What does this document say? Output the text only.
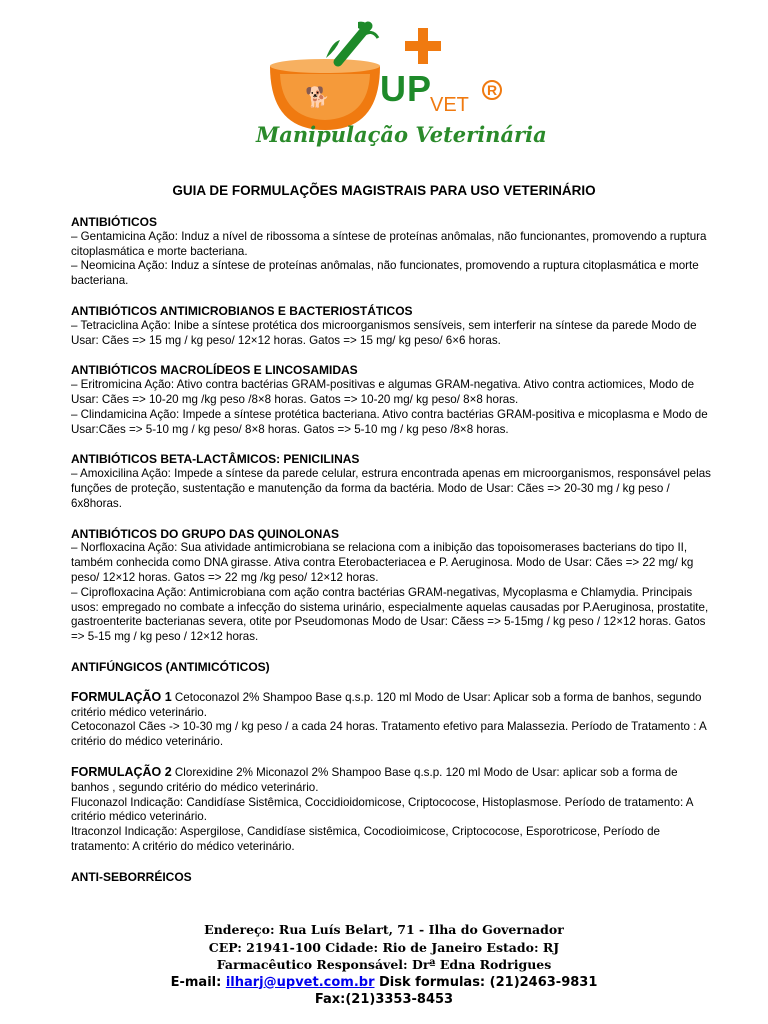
🐕 UP
VET
R
Manipulação Veterinária
GUIA DE FORMULAÇÕES MAGISTRAIS PARA USO VETERINÁRIO
ANTIBIÓTICOS
– Gentamicina Ação: Induz a nível de ribossoma a síntese de proteínas anômalas, não funcionantes, promovendo a ruptura citoplasmática e morte bacteriana.
– Neomicina Ação: Induz a síntese de proteínas anômalas, não funcionates, promovendo a ruptura citoplasmática e morte bacteriana.
ANTIBIÓTICOS ANTIMICROBIANOS E BACTERIOSTÁTICOS
– Tetraciclina Ação: Inibe a síntese protética dos microorganismos sensíveis, sem interferir na síntese da parede Modo de Usar: Cães => 15 mg / kg peso/ 12×12 horas. Gatos => 15 mg/ kg peso/ 6×6 horas.
ANTIBIÓTICOS MACROLÍDEOS E LINCOSAMIDAS
– Eritromicina Ação: Ativo contra bactérias GRAM-positivas e algumas GRAM-negativa. Ativo contra actiomices, Modo de Usar: Cães => 10-20 mg /kg peso /8×8 horas. Gatos => 10-20 mg/ kg peso/ 8×8 horas.
– Clindamicina Ação: Impede a síntese protética bacteriana. Ativo contra bactérias GRAM-positiva e micoplasma e Modo de Usar:Cães => 5-10 mg / kg peso/ 8×8 horas. Gatos => 5-10 mg / kg peso /8×8 horas.
ANTIBIÓTICOS BETA-LACTÂMICOS: PENICILINAS
– Amoxicilina Ação: Impede a síntese da parede celular, estrura encontrada apenas em microorganismos, responsável pelas funções de proteção, sustentação e manutenção da forma da bactéria. Modo de Usar: Cães => 20-30 mg / kg peso / 6x8horas.
ANTIBIÓTICOS DO GRUPO DAS QUINOLONAS
– Norfloxacina Ação: Sua atividade antimicrobiana se relaciona com a inibição das topoisomerases bacterians do tipo II, também conhecida como DNA girasse. Ativa contra Eterobacteriacea e P. Aeruginosa. Modo de Usar: Cães => 22 mg/ kg peso/ 12×12 horas. Gatos => 22 mg /kg peso/ 12×12 horas.
– Ciprofloxacina Ação: Antimicrobiana com ação contra bactérias GRAM-negativas, Mycoplasma e Chlamydia. Principais usos: empregado no combate a infecção do sistema urinário, especialmente aquelas causadas por P.Aeruginosa, prostatite, gastroenterite bacterianas severa, otite por Pseudomonas Modo de Usar: Cãess => 5-15mg / kg peso / 12×12 horas. Gatos => 5-15 mg / kg peso / 12×12 horas.
ANTIFÚNGICOS (ANTIMICÓTICOS)
FORMULAÇÃO 1 Cetoconazol 2% Shampoo Base q.s.p. 120 ml Modo de Usar: Aplicar sob a forma de banhos, segundo critério médico veterinário.
Cetoconazol Cães -> 10-30 mg / kg peso / a cada 24 horas. Tratamento efetivo para Malassezia. Período de Tratamento : A critério do médico veterinário.
FORMULAÇÃO 2 Clorexidine 2% Miconazol 2% Shampoo Base q.s.p. 120 ml Modo de Usar: aplicar sob a forma de banhos , segundo critério do médico veterinário.
Fluconazol Indicação: Candidíase Sistêmica, Coccidioidomicose, Criptococose, Histoplasmose. Período de tratamento: A critério médico veterinário.
Itraconzol Indicação: Aspergilose, Candidíase sistêmica, Cocodioimicose, Criptococose, Esporotricose, Período de tratamento: A critério do médico veterinário.
ANTI-SEBORRÉICOS
Endereço: Rua Luís Belart, 71 - Ilha do Governador
CEP: 21941-100 Cidade: Rio de Janeiro Estado: RJ
Farmacêutico Responsável: Drª Edna Rodrigues
E-mail: ilharj@upvet.com.br Disk formulas: (21)2463-9831
Fax:(21)3353-8453
